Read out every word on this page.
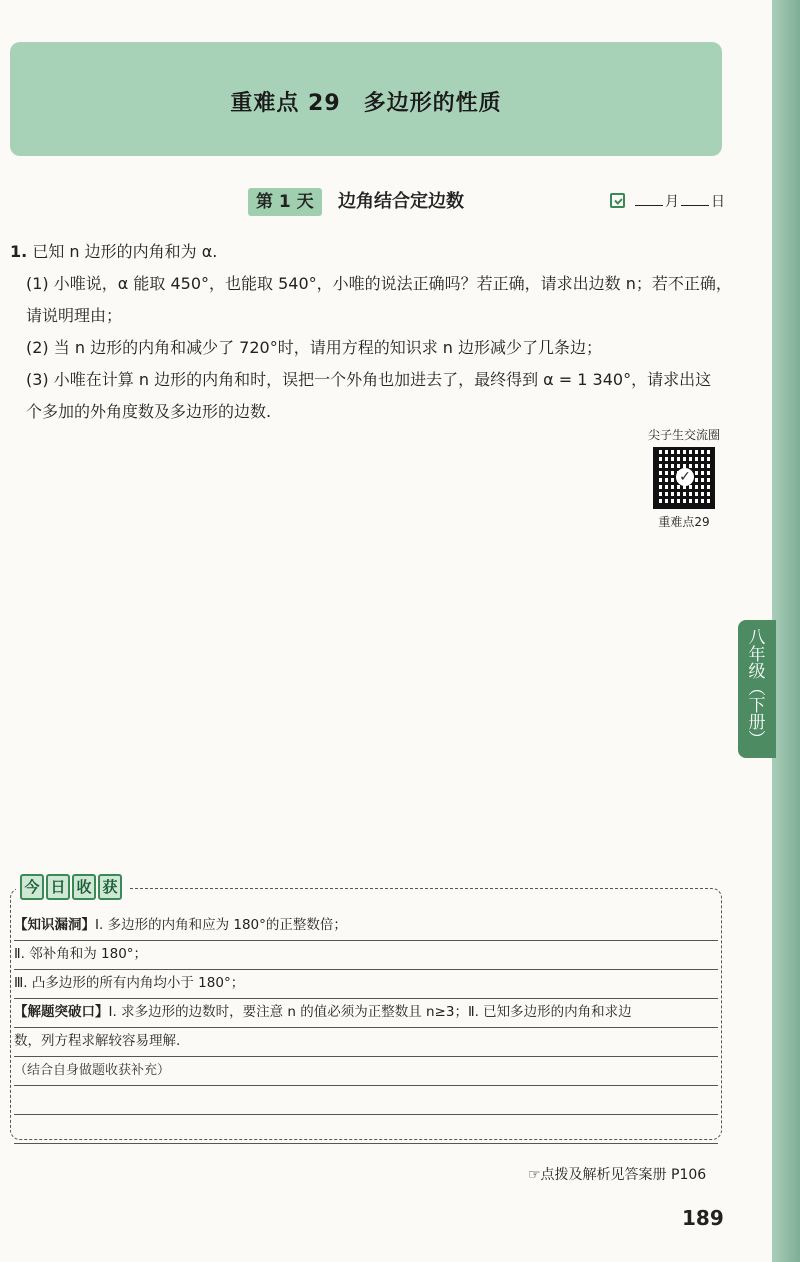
重难点 29　多边形的性质
第 1 天	边角结合定边数	月 日
1. 已知 n 边形的内角和为 α.
(1) 小唯说，α 能取 450°，也能取 540°，小唯的说法正确吗？若正确，请求出边数 n；若不正确，
请说明理由；
(2) 当 n 边形的内角和减少了 720°时，请用方程的知识求 n 边形减少了几条边；
(3) 小唯在计算 n 边形的内角和时，误把一个外角也加进去了，最终得到 α = 1 340°，请求出这
个多加的外角度数及多边形的边数.
尖子生交流圈
✓
重难点29
今 日 收 获
【知识漏洞】Ⅰ. 多边形的内角和应为 180°的正整数倍；
Ⅱ. 邻补角和为 180°；
Ⅲ. 凸多边形的所有内角均小于 180°；
【解题突破口】Ⅰ. 求多边形的边数时，要注意 n 的值必须为正整数且 n≥3；Ⅱ. 已知多边形的内角和求边
数，列方程求解较容易理解.
（结合自身做题收获补充）
☞点拨及解析见答案册 P106
189
八
年
级
︵
下
册
︶
